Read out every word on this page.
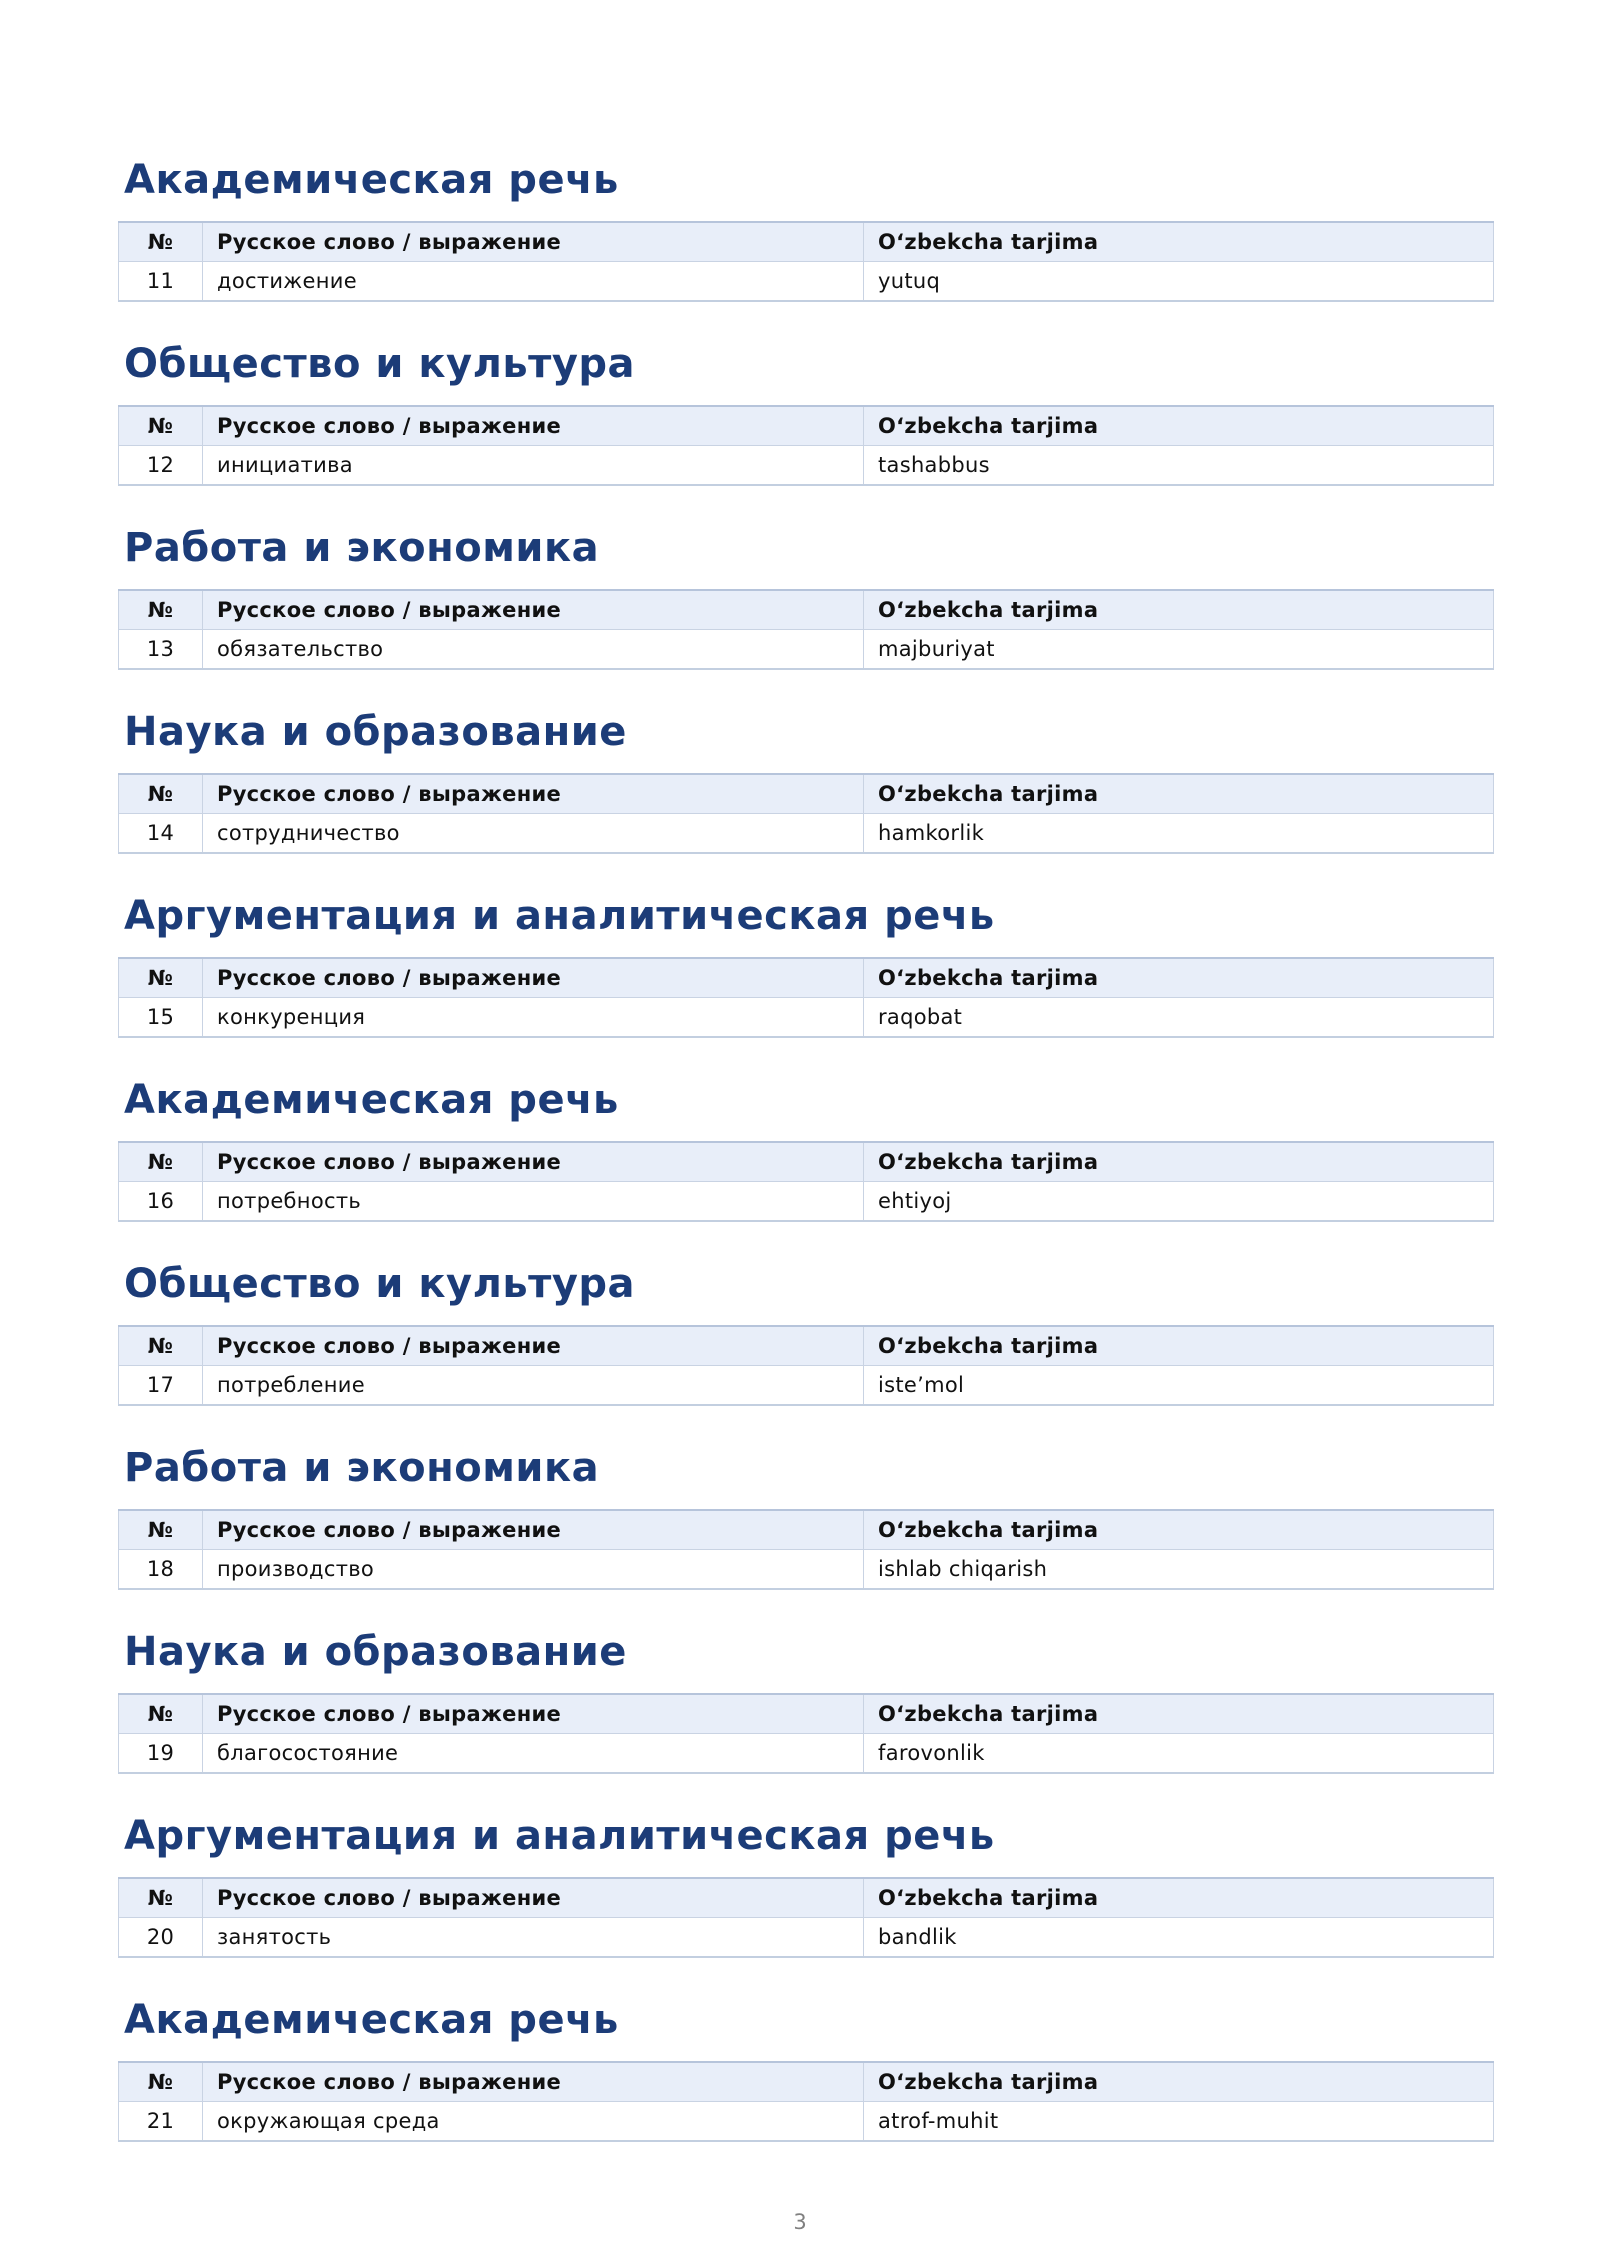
Академическая речь
№	Русское слово / выражение	O‘zbekcha tarjima
11	достижение	yutuq
Общество и культура
№	Русское слово / выражение	O‘zbekcha tarjima
12	инициатива	tashabbus
Работа и экономика
№	Русское слово / выражение	O‘zbekcha tarjima
13	обязательство	majburiyat
Наука и образование
№	Русское слово / выражение	O‘zbekcha tarjima
14	сотрудничество	hamkorlik
Аргументация и аналитическая речь
№	Русское слово / выражение	O‘zbekcha tarjima
15	конкуренция	raqobat
Академическая речь
№	Русское слово / выражение	O‘zbekcha tarjima
16	потребность	ehtiyoj
Общество и культура
№	Русское слово / выражение	O‘zbekcha tarjima
17	потребление	iste’mol
Работа и экономика
№	Русское слово / выражение	O‘zbekcha tarjima
18	производство	ishlab chiqarish
Наука и образование
№	Русское слово / выражение	O‘zbekcha tarjima
19	благосостояние	farovonlik
Аргументация и аналитическая речь
№	Русское слово / выражение	O‘zbekcha tarjima
20	занятость	bandlik
Академическая речь
№	Русское слово / выражение	O‘zbekcha tarjima
21	окружающая среда	atrof-muhit
3
